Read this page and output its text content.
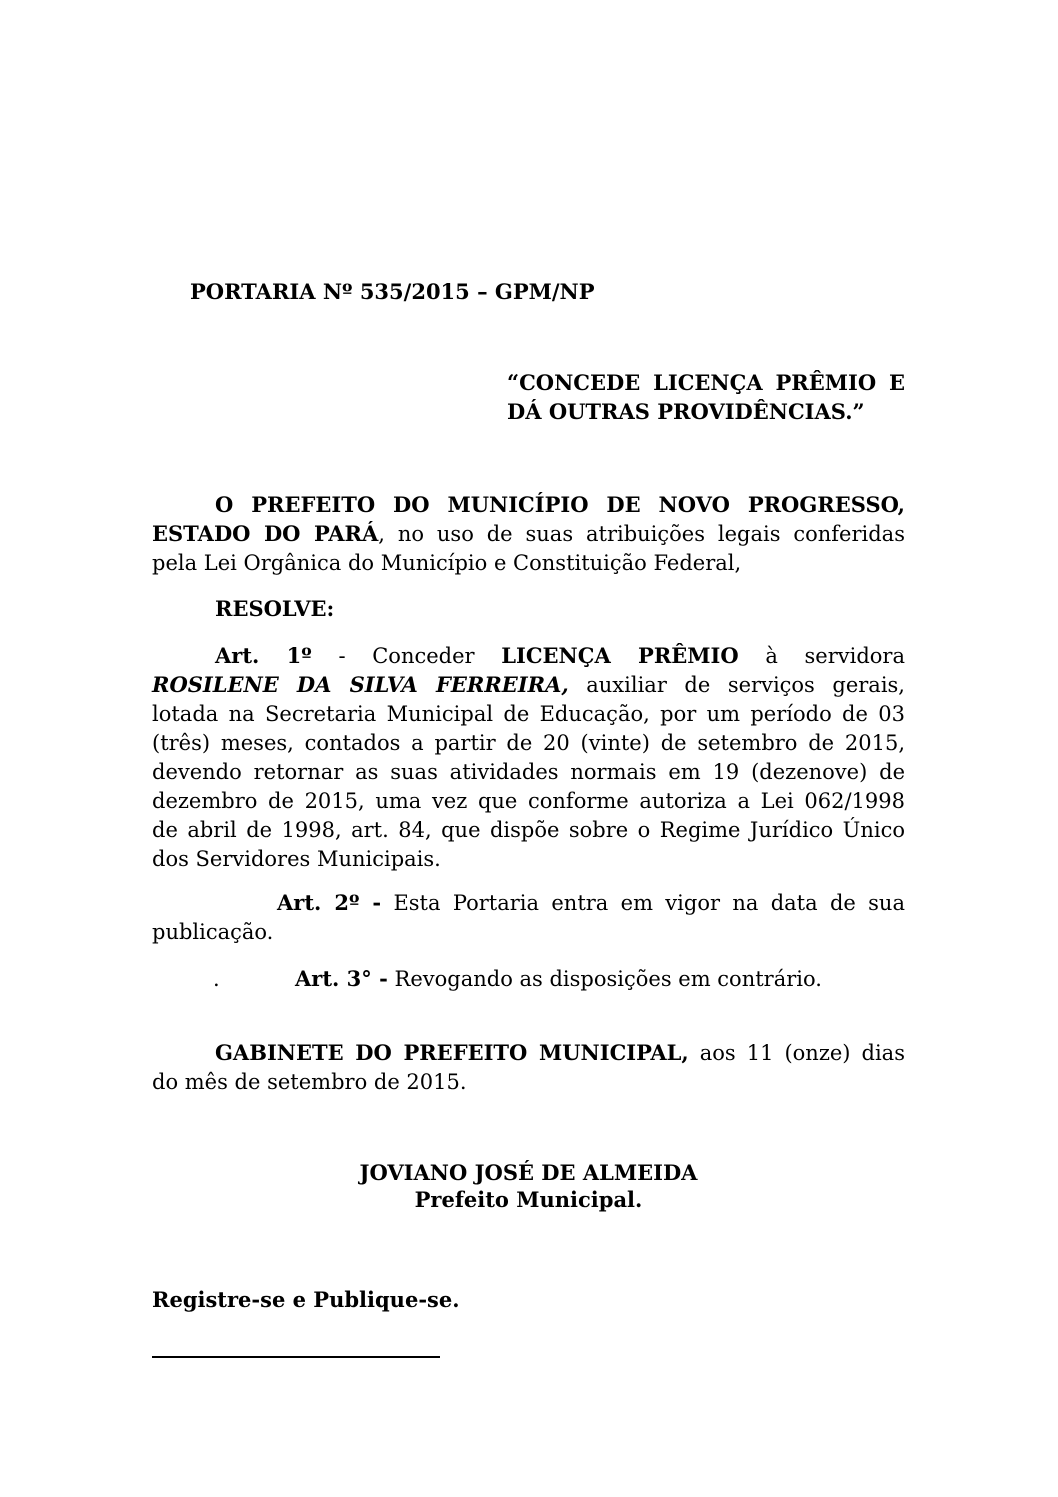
PORTARIA Nº 535/2015 – GPM/NP
“CONCEDE LICENÇA PRÊMIO E
DÁ OUTRAS PROVIDÊNCIAS.”
O PREFEITO DO MUNICÍPIO DE NOVO PROGRESSO,
ESTADO DO PARÁ, no uso de suas atribuições legais conferidas
pela Lei Orgânica do Município e Constituição Federal,
RESOLVE:
Art. 1º - Conceder LICENÇA PRÊMIO à servidora
ROSILENE DA SILVA FERREIRA, auxiliar de serviços gerais,
lotada na Secretaria Municipal de Educação, por um período de 03
(três) meses, contados a partir de 20 (vinte) de setembro de 2015,
devendo retornar as suas atividades normais em 19 (dezenove) de
dezembro de 2015, uma vez que conforme autoriza a Lei 062/1998
de abril de 1998, art. 84, que dispõe sobre o Regime Jurídico Único
dos Servidores Municipais.
Art. 2º - Esta Portaria entra em vigor na data de sua
publicação.
.	Art. 3° - Revogando as disposições em contrário.
GABINETE DO PREFEITO MUNICIPAL, aos 11 (onze) dias
do mês de setembro de 2015.
JOVIANO JOSÉ DE ALMEIDA
Prefeito Municipal.
Registre-se e Publique-se.
